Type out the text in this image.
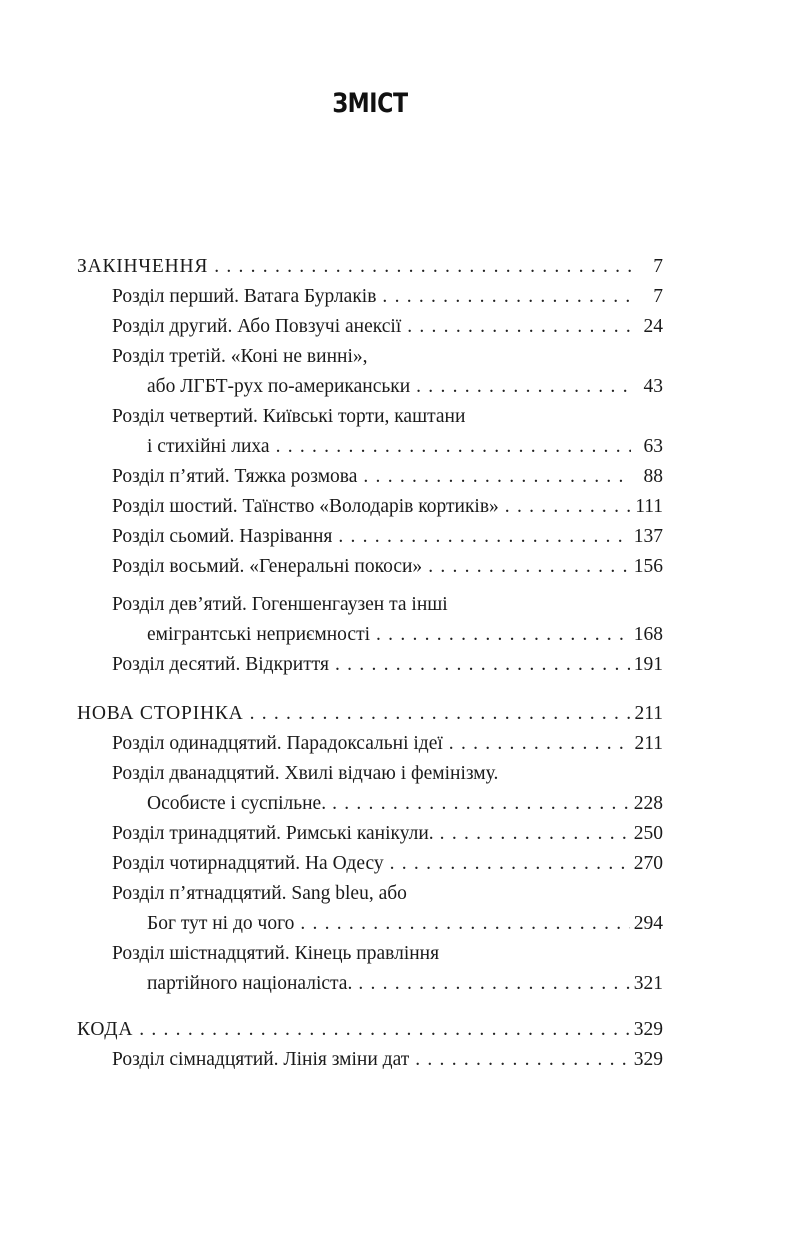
ЗМІСТ
ЗАКІНЧЕННЯ . . .	7
Розділ перший. Ватага Бурлаків . . .	7
Розділ другий. Або Повзучі анексії . . .	24
Розділ третій. «Коні не винні»,
або ЛГБТ-рух по-американськи . . .	43
Розділ четвертий. Київські торти, каштани
і стихійні лиха . . .	63
Розділ п’ятий. Тяжка розмова . . .	88
Розділ шостий. Таїнство «Володарів кортиків» . . .	111
Розділ сьомий. Назрівання . . .	137
Розділ восьмий. «Генеральні покоси» . . .	156
Розділ дев’ятий. Гогеншенгаузен та інші
емігрантські неприємності . . .	168
Розділ десятий. Відкриття . . .	191
НОВА СТОРІНКА . . .	211
Розділ одинадцятий. Парадоксальні ідеї . . .	211
Розділ дванадцятий. Хвилі відчаю і фемінізму.
Особисте і суспільне. . . .	228
Розділ тринадцятий. Римські канікули. . . .	250
Розділ чотирнадцятий. На Одесу . . .	270
Розділ п’ятнадцятий. Sang bleu, або
Бог тут ні до чого . . .	294
Розділ шістнадцятий. Кінець правління
партійного націоналіста. . . .	321
КОДА . . .	329
Розділ сімнадцятий. Лінія зміни дат . . .	329
